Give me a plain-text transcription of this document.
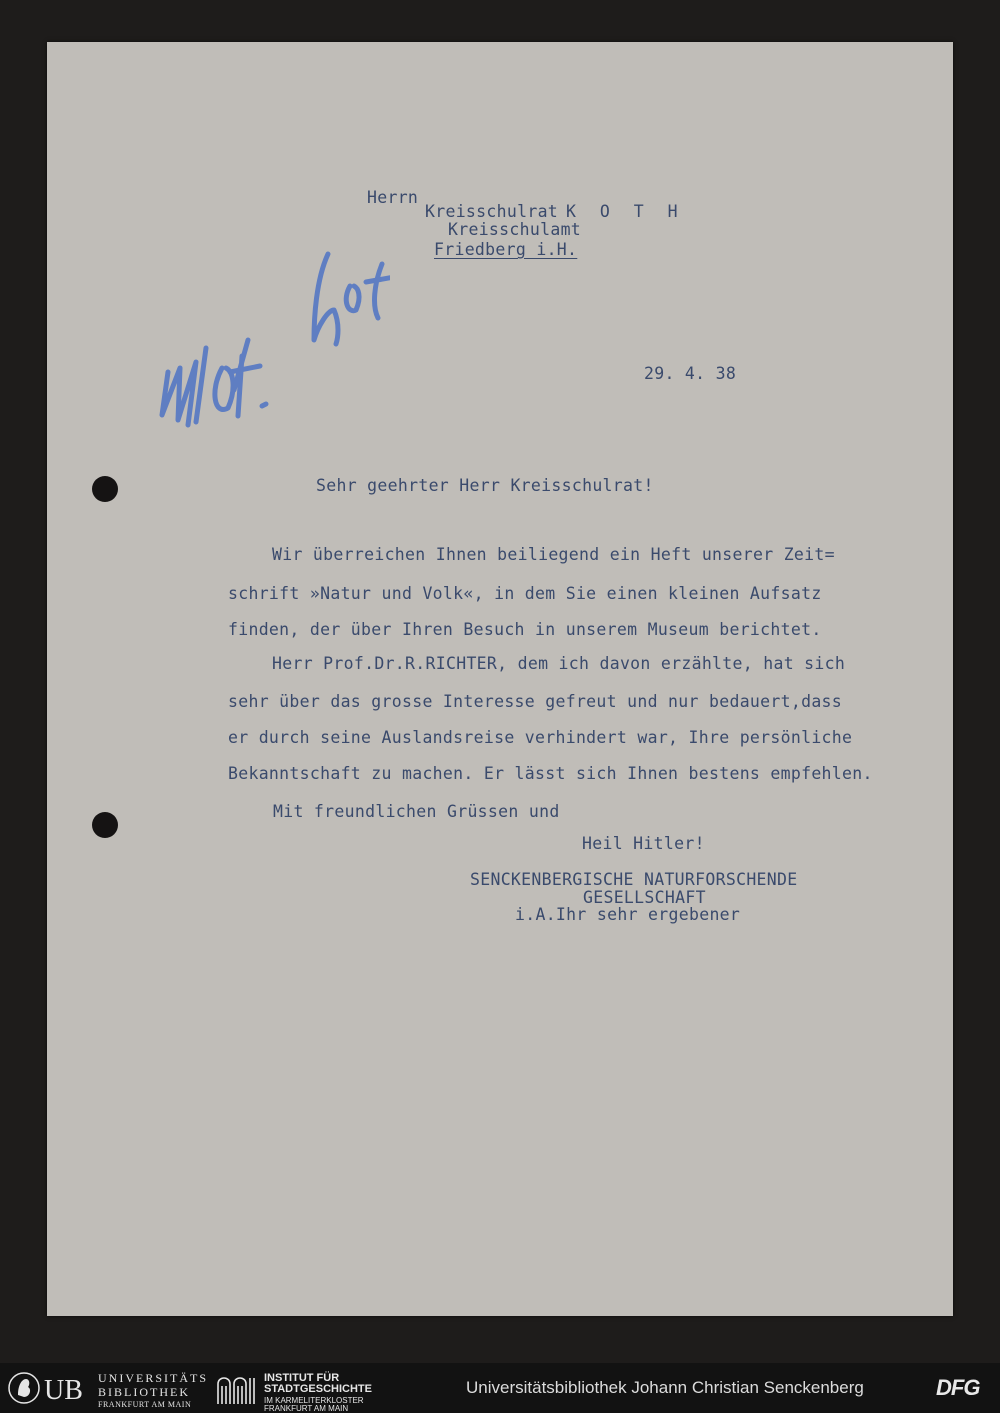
Herrn

Kreisschulrat K O T H

Kreisschulamt

Friedberg i.H.

29. 4. 38

Sehr geehrter Herr Kreisschulrat!

Wir überreichen Ihnen beiliegend ein Heft unserer Zeit=

schrift »Natur und Volk«, in dem Sie einen kleinen Aufsatz

finden, der über Ihren Besuch in unserem Museum berichtet.

Herr Prof.Dr.R.RICHTER, dem ich davon erzählte, hat sich

sehr über das grosse Interesse gefreut und nur bedauert,dass

er durch seine Auslandsreise verhindert war, Ihre persönliche

Bekanntschaft zu machen. Er lässt sich Ihnen bestens empfehlen.

Mit freundlichen Grüssen und

Heil Hitler!

SENCKENBERGISCHE NATURFORSCHENDE

GESELLSCHAFT

i.A.Ihr sehr ergebener

UB UNIVERSITÄTS
BIBLIOTHEK
FRANKFURT AM MAIN
INSTITUT FÜR
STADTGESCHICHTE
IM KARMELITERKLOSTER
FRANKFURT AM MAIN
Universitätsbibliothek Johann Christian Senckenberg	DFG
